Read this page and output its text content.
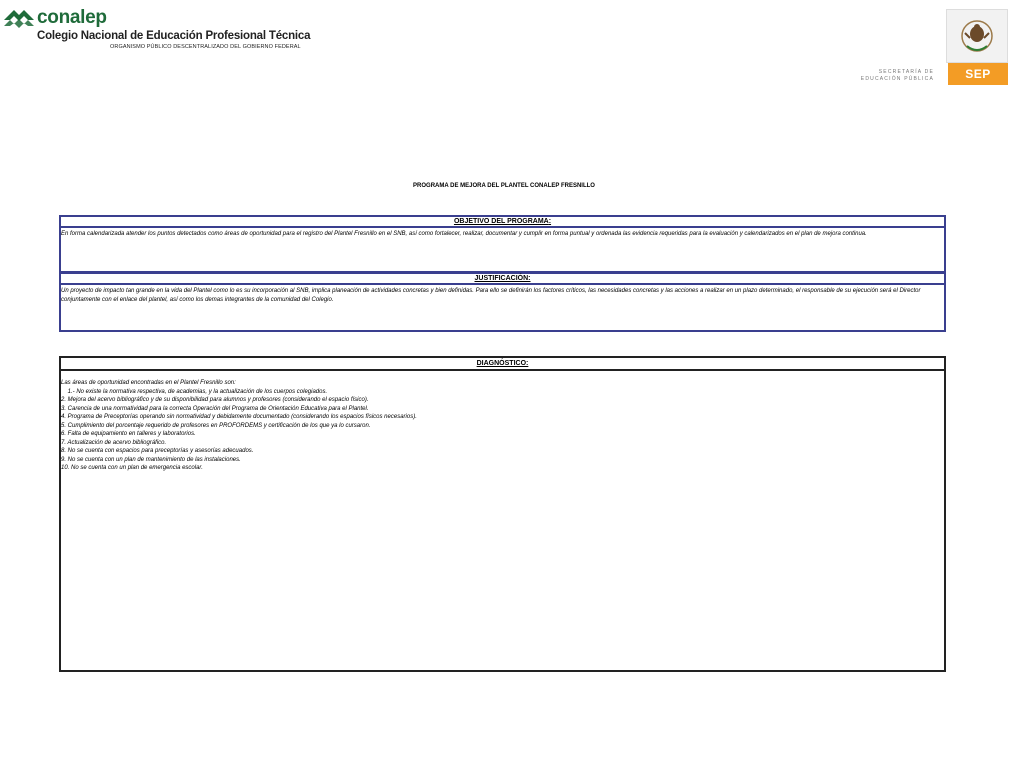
conalep
Colegio Nacional de Educación Profesional Técnica
ORGANISMO PÚBLICO DESCENTRALIZADO DEL GOBIERNO FEDERAL
SECRETARÍA DE
EDUCACIÓN PÚBLICA	SEP
PROGRAMA DE MEJORA DEL PLANTEL CONALEP FRESNILLO
OBJETIVO DEL PROGRAMA:
En forma calendarizada atender los puntos detectados como áreas de oportunidad para el registro del Plantel Fresnillo en el SNB, así como fortalecer, realizar, documentar y cumplir en forma puntual y ordenada las evidencia requeridas para la evaluación y calendarizados en el plan de mejora continua.
JUSTIFICACIÓN:
Un proyecto de impacto tan grande en la vida del Plantel como lo es su incorporación al SNB, implica planeación de actividades concretas y bien definidas. Para ello se definirán los factores críticos, las necesidades concretas y las acciones a realizar en un plazo determinado, el responsable de su ejecución será el Director conjuntamente con el enlace del plantel, así como los demas integrantes de la comunidad del Colegio.
DIAGNÓSTICO:
Las áreas de oportunidad encontradas en el Plantel Fresnillo son:
1.- No existe la normativa respectiva, de academias, y la actualización de los cuerpos colegiados.
2. Mejora del acervo bibliográfico y de su disponibilidad para alumnos y profesores (considerando el espacio físico).
3. Carencia de una normatividad para la correcta Operación del Programa de Orientación Educativa para el Plantel.
4. Programa de Preceptorías operando sin normatividad y debidamente documentado (considerando los espacios físicos necesarios).
5. Cumplimiento del porcentaje requerido de profesores en PROFORDEMS y certificación de los que ya lo cursaron.
6. Falta de equipamiento en talleres y laboratorios.
7. Actualización de acervo bibliográfico.
8. No se cuenta con espacios para preceptorías y asesorías adecuados.
9. No se cuenta con un plan de mantenimiento de las instalaciones.
10. No se cuenta con un plan de emergencia escolar.
